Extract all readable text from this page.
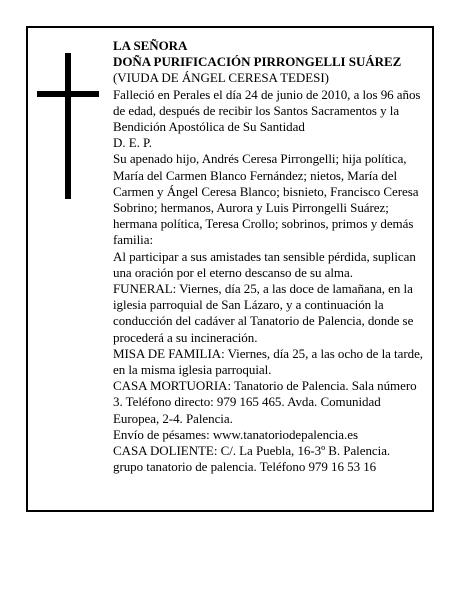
LA SEÑORA

DOÑA PURIFICACIÓN PIRRONGELLI SUÁREZ

(VIUDA DE ÁNGEL CERESA TEDESI)

Falleció en Perales el día 24 de junio de 2010, a los 96 años de edad, después de recibir los Santos Sacramentos y la Bendición Apostólica de Su Santidad

D. E. P.

Su apenado hijo, Andrés Ceresa Pirrongelli; hija política, María del Carmen Blanco Fernández; nietos, María del Carmen y Ángel Ceresa Blanco; bisnieto, Francisco Ceresa Sobrino; hermanos, Aurora y Luis Pirrongelli Suárez; hermana política, Teresa Crollo; sobrinos, primos y demás familia:

Al participar a sus amistades tan sensible pérdida, suplican una oración por el eterno descanso de su alma.

FUNERAL: Viernes, día 25, a las doce de lamañana, en la iglesia parroquial de San Lázaro, y a continuación la conducción del cadáver al Tanatorio de Palencia, donde se procederá a su incineración.

MISA DE FAMILIA: Viernes, día 25, a las ocho de la tarde, en la misma iglesia parroquial.

CASA MORTUORIA: Tanatorio de Palencia. Sala número 3. Teléfono directo: 979 165 465. Avda. Comunidad Europea, 2-4. Palencia.

Envío de pésames: www.tanatoriodepalencia.es

CASA DOLIENTE: C/. La Puebla, 16-3º B. Palencia.

grupo tanatorio de palencia. Teléfono 979 16 53 16
